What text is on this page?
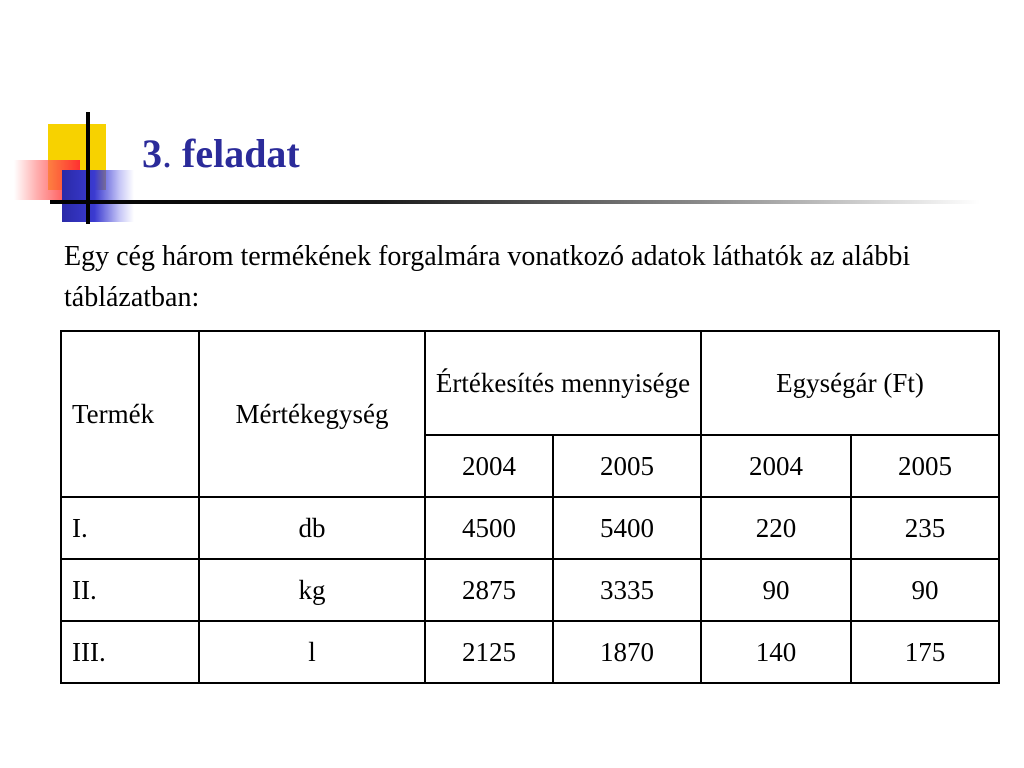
3. feladat

Egy cég három termékének forgalmára vonatkozó adatok láthatók az alábbi táblázatban:

Termék	Mértékegység	Értékesítés mennyisége		Egységár (Ft)	
		2004	2005	2004	2005
I.	db	4500	5400	220	235
II.	kg	2875	3335	90	90
III.	l	2125	1870	140	175
